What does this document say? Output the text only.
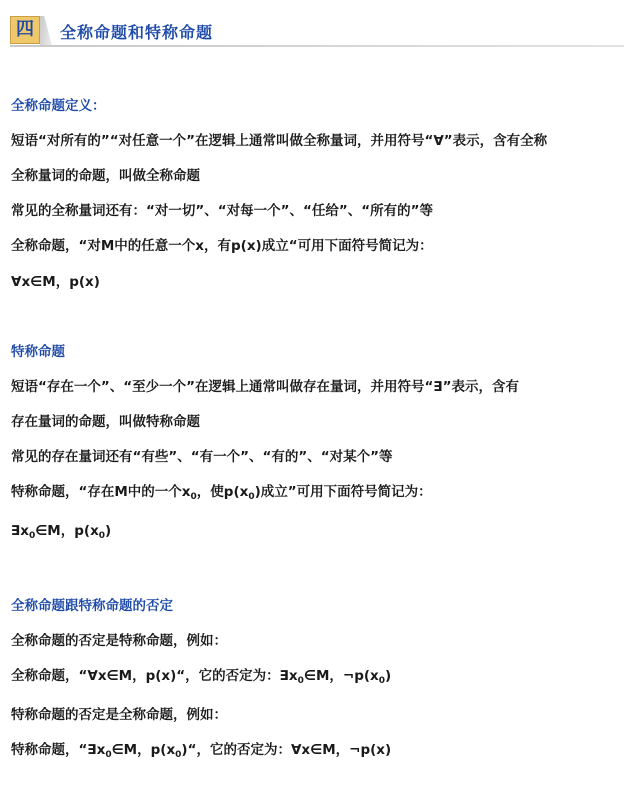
四	全称命题和特称命题
全称命题定义：
短语“对所有的”“对任意一个”在逻辑上通常叫做全称量词，并用符号“∀”表示，含有全称
全称量词的命题，叫做全称命题
常见的全称量词还有：“对一切”、“对每一个”、“任给”、“所有的”等
全称命题，“对M中的任意一个x，有p(x)成立“可用下面符号简记为：
∀x∈M，p(x)
特称命题
短语“存在一个”、“至少一个”在逻辑上通常叫做存在量词，并用符号“∃”表示，含有
存在量词的命题，叫做特称命题
常见的存在量词还有“有些”、“有一个”、“有的”、“对某个”等
特称命题，“存在M中的一个$x_0$，使$p(x_0)$成立”可用下面符号简记为：
$\exists x_0\in M$，$p(x_0)$
全称命题跟特称命题的否定
全称命题的否定是特称命题，例如：
全称命题，“∀x∈M，p(x)“，它的否定为：$\exists x_0\in M$，$\neg p(x_0)$
特称命题的否定是全称命题，例如：
特称命题，“$\exists x_0\in M$，$p(x_0)“$，它的否定为：∀x∈M，¬p(x)
